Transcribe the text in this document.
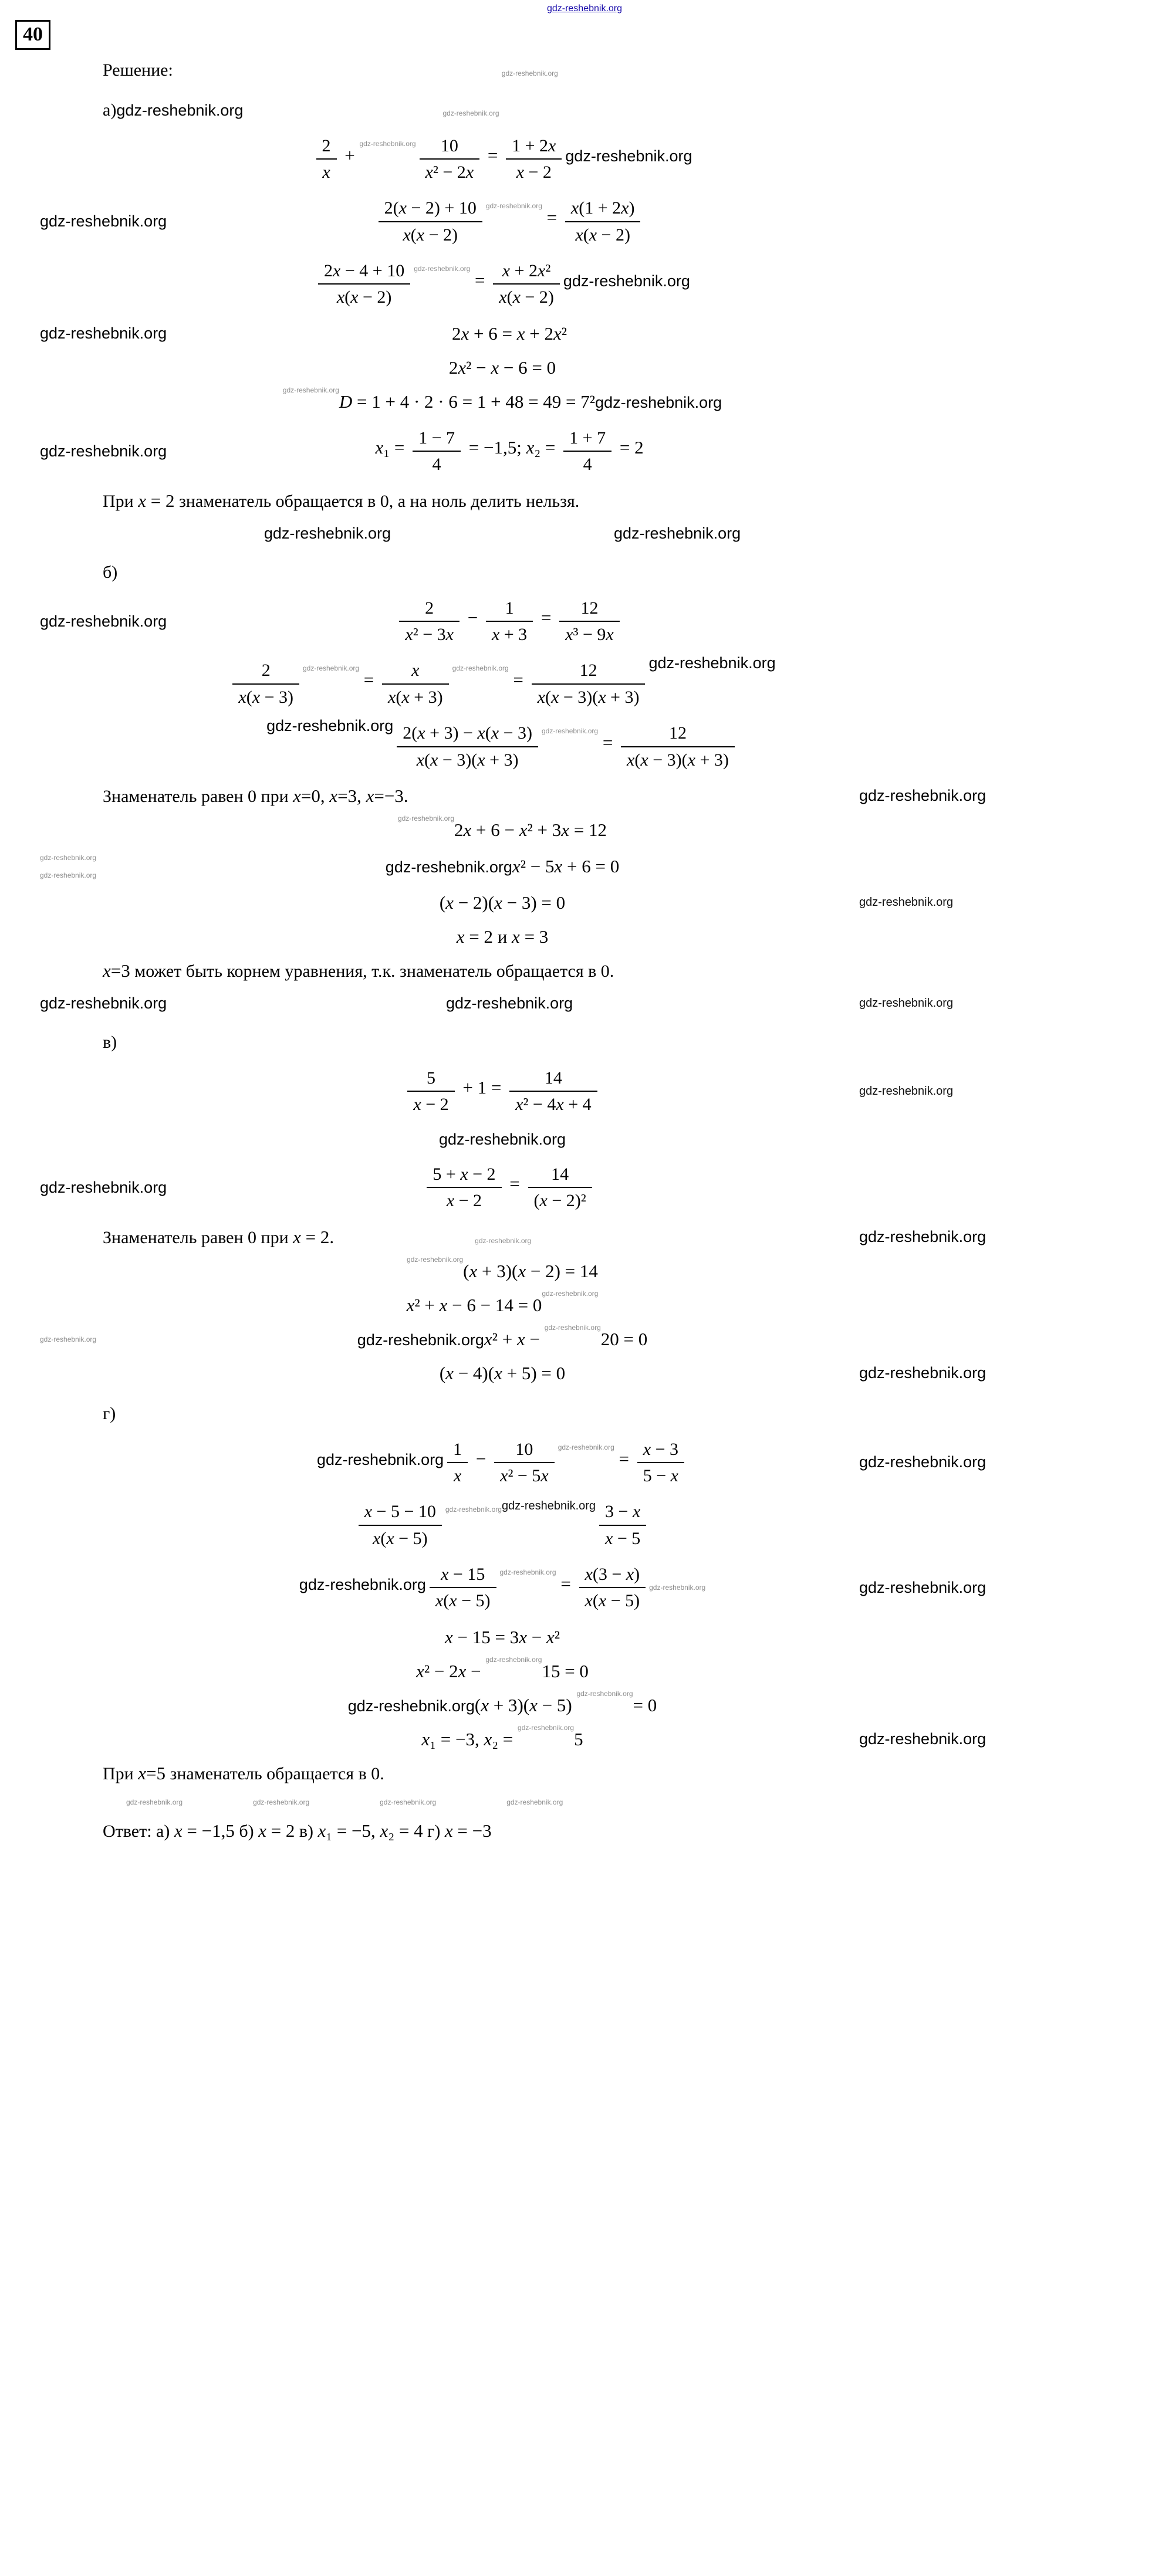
gdz-reshebnik.org
40
Решение:	gdz-reshebnik.org
а)gdz-reshebnik.org	gdz-reshebnik.org
$\frac{2}{x}$ + gdz-reshebnik.org $\frac{10}{\text{x² − 2x}} = \frac{1 + 2x}{x - 2}$ gdz-reshebnik.org
gdz-reshebnik.org	$\frac{2(x - 2) + 10}{x(x - 2)}$ gdz-reshebnik.org = $\frac{x(1 + 2x)}{x(x - 2)}$
$\frac{2x - 4 + 10}{x(x - 2)}$ gdz-reshebnik.org = $\frac{\text{x + 2x²}}{x(x - 2)}$ gdz-reshebnik.org
gdz-reshebnik.org	2x + 6 = x + 2x²
2x² − x − 6 = 0
gdz-reshebnik.orgD = 1 + 4 · 2 · 6 = 1 + 48 = 49 = 7²gdz-reshebnik.org
gdz-reshebnik.org	$x_1 = \frac{1 - 7}{4} = -1,5$; $x_2 = \frac{1 + 7}{4} = 2$
При x = 2 знаменатель обращается в 0, а на ноль делить нельзя.
gdz-reshebnik.org	gdz-reshebnik.org
б)
gdz-reshebnik.org	$\frac{2}{\text{x² − 3x}} - \frac{1}{x + 3} = \frac{12}{\text{x³ − 9x}}$
$\frac{2}{x(x - 3)}$ gdz-reshebnik.org = $\frac{x}{x(x + 3)}$ gdz-reshebnik.org = $\frac{12}{x(x - 3)(x + 3)}$ gdz-reshebnik.org
gdz-reshebnik.org $\frac{2(x + 3) - x(x - 3)}{x(x - 3)(x + 3)}$ gdz-reshebnik.org = $\frac{12}{x(x - 3)(x + 3)}$
Знаменатель равен 0 при x=0, x=3, x=−3.	gdz-reshebnik.org
gdz-reshebnik.org2x + 6 − x² + 3x = 12
gdz-reshebnik.org
gdz-reshebnik.org	gdz-reshebnik.orgx² − 5x + 6 = 0
(x − 2)(x − 3) = 0	gdz-reshebnik.org
x = 2 и x = 3
x=3 может быть корнем уравнения, т.к. знаменатель обращается в 0.
gdz-reshebnik.org	gdz-reshebnik.org	gdz-reshebnik.org
в)
$\frac{5}{x - 2} + 1 = \frac{14}{\text{x² − 4x + 4}}$	gdz-reshebnik.org
gdz-reshebnik.org
gdz-reshebnik.org	$\frac{5 + x - 2}{x - 2} = \frac{14}{\text{(x − 2)²}}$
Знаменатель равен 0 при x = 2.	gdz-reshebnik.org	gdz-reshebnik.org
gdz-reshebnik.org(x + 3)(x − 2) = 14
x² + x − 6 − 14 = 0gdz-reshebnik.org
gdz-reshebnik.org	gdz-reshebnik.orgx² + x − gdz-reshebnik.org20 = 0
(x − 4)(x + 5) = 0	gdz-reshebnik.org
г)
gdz-reshebnik.org $\frac{1}{x} - \frac{10}{\text{x² − 5x}}$ gdz-reshebnik.org = $\frac{x - 3}{5 - x}$	gdz-reshebnik.org
$\frac{x - 5 - 10}{x(x - 5)}$ gdz-reshebnik.orggdz-reshebnik.org $\frac{3 - x}{x - 5}$
gdz-reshebnik.org $\frac{x - 15}{x(x - 5)}$ gdz-reshebnik.org = $\frac{x(3 - x)}{x(x - 5)}$ gdz-reshebnik.org	gdz-reshebnik.org
x − 15 = 3x − x²
x² − 2x − gdz-reshebnik.org15 = 0
gdz-reshebnik.org(x + 3)(x − 5) gdz-reshebnik.org= 0
x₁ = −3, x₂ = gdz-reshebnik.org5	gdz-reshebnik.org
При x=5 знаменатель обращается в 0.
gdz-reshebnik.org	gdz-reshebnik.org	gdz-reshebnik.org	gdz-reshebnik.org
Ответ: а) x = −1,5 б) x = 2 в) x₁ = −5, x₂ = 4 г) x = −3
